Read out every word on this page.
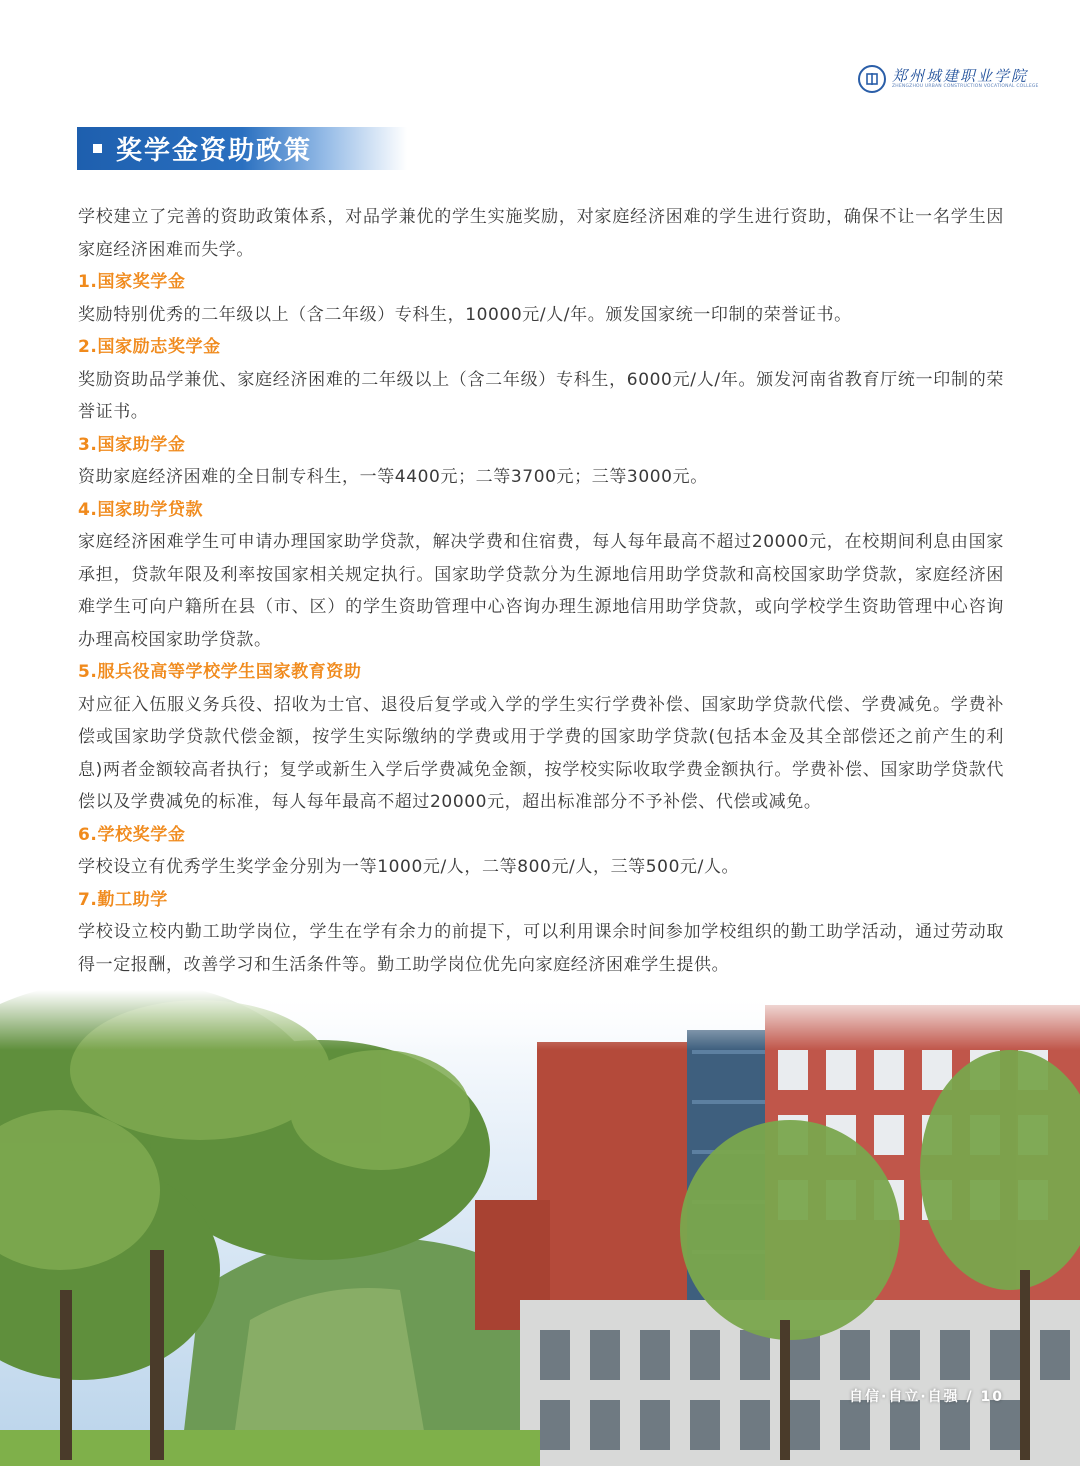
郑州城建职业学院
ZHENGZHOU URBAN CONSTRUCTION VOCATIONAL COLLEGE
奖学金资助政策

学校建立了完善的资助政策体系，对品学兼优的学生实施奖励，对家庭经济困难的学生进行资助，确保不让一名学生因家庭经济困难而失学。

1.国家奖学金

奖励特别优秀的二年级以上（含二年级）专科生，10000元/人/年。颁发国家统一印制的荣誉证书。

2.国家励志奖学金

奖励资助品学兼优、家庭经济困难的二年级以上（含二年级）专科生，6000元/人/年。颁发河南省教育厅统一印制的荣誉证书。

3.国家助学金

资助家庭经济困难的全日制专科生，一等4400元；二等3700元；三等3000元。

4.国家助学贷款

家庭经济困难学生可申请办理国家助学贷款，解决学费和住宿费，每人每年最高不超过20000元，在校期间利息由国家承担，贷款年限及利率按国家相关规定执行。国家助学贷款分为生源地信用助学贷款和高校国家助学贷款，家庭经济困难学生可向户籍所在县（市、区）的学生资助管理中心咨询办理生源地信用助学贷款，或向学校学生资助管理中心咨询办理高校国家助学贷款。

5.服兵役高等学校学生国家教育资助

对应征入伍服义务兵役、招收为士官、退役后复学或入学的学生实行学费补偿、国家助学贷款代偿、学费减免。学费补偿或国家助学贷款代偿金额，按学生实际缴纳的学费或用于学费的国家助学贷款(包括本金及其全部偿还之前产生的利息)两者金额较高者执行；复学或新生入学后学费减免金额，按学校实际收取学费金额执行。学费补偿、国家助学贷款代偿以及学费减免的标准，每人每年最高不超过20000元，超出标准部分不予补偿、代偿或减免。

6.学校奖学金

学校设立有优秀学生奖学金分别为一等1000元/人，二等800元/人，三等500元/人。

7.勤工助学

学校设立校内勤工助学岗位，学生在学有余力的前提下，可以利用课余时间参加学校组织的勤工助学活动，通过劳动取得一定报酬，改善学习和生活条件等。勤工助学岗位优先向家庭经济困难学生提供。

自信·自立·自强 / 10
